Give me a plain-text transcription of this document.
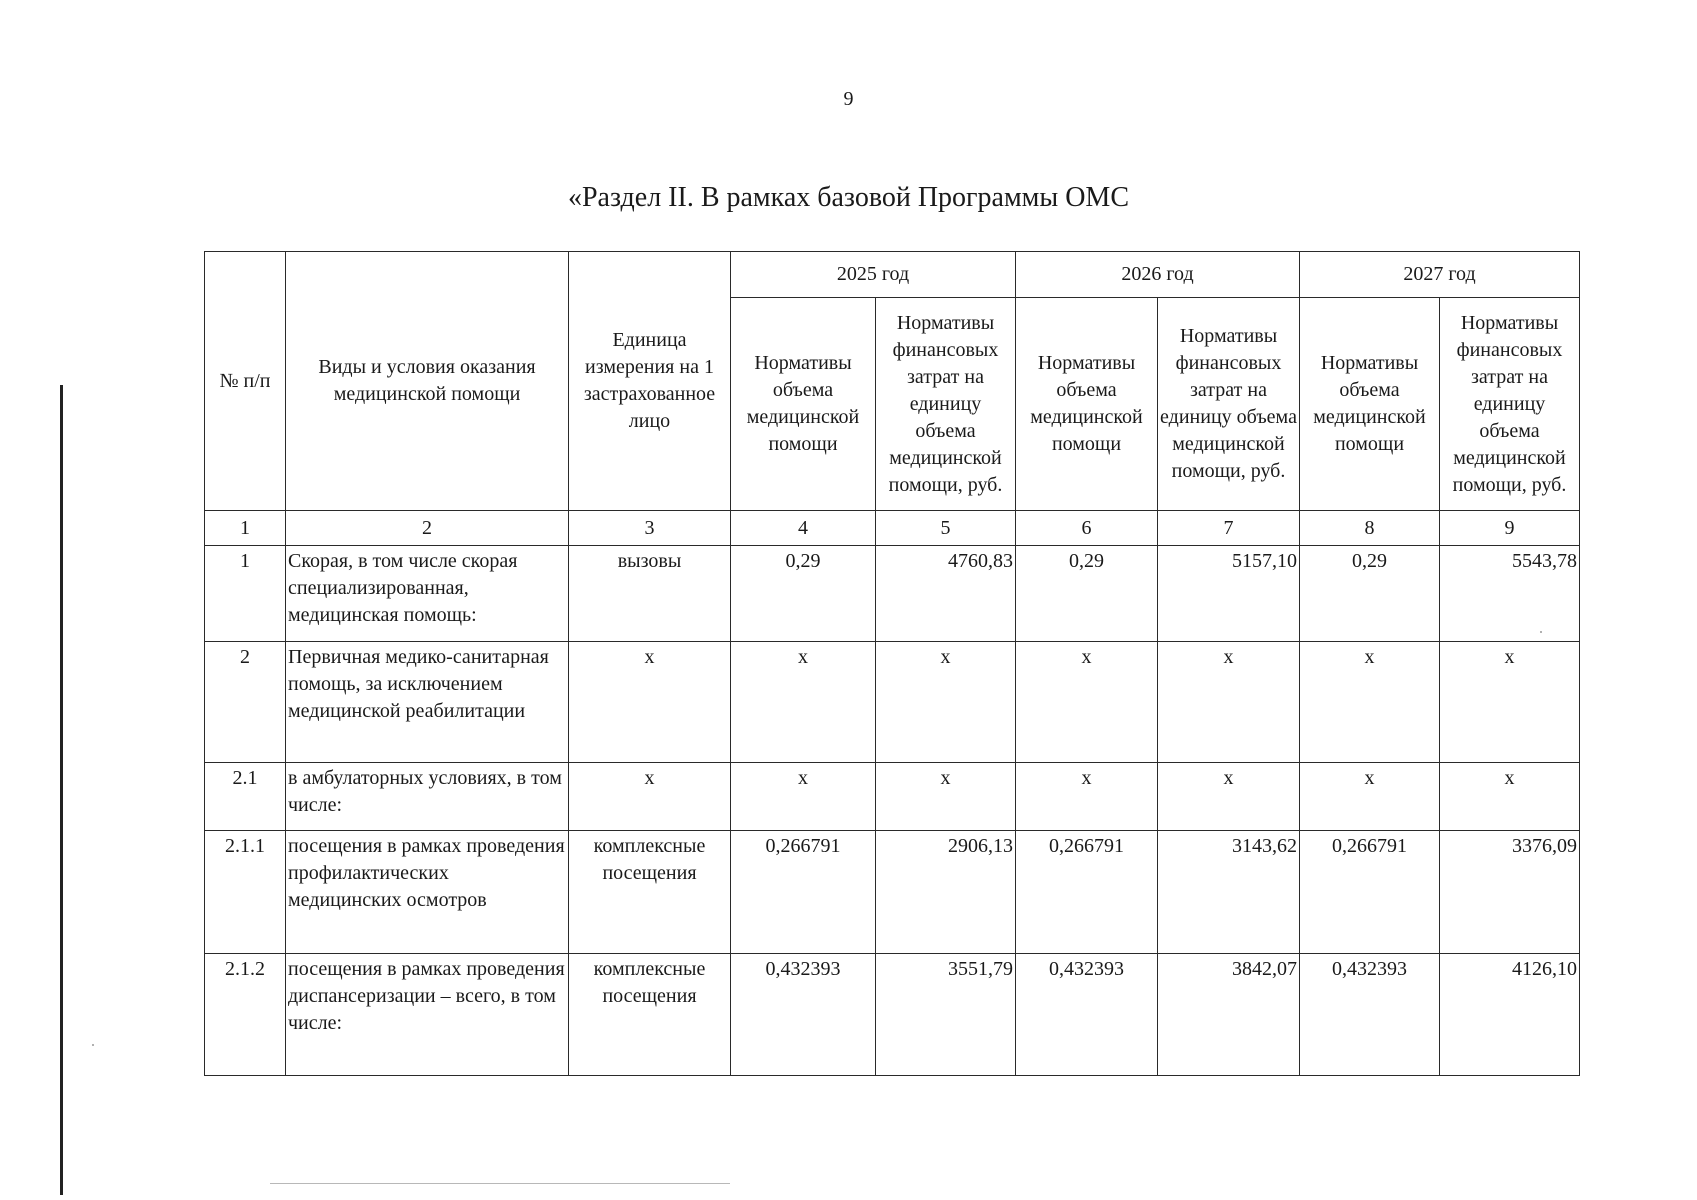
9
«Раздел II. В рамках базовой Программы ОМС
№ п/п	Виды и условия оказания медицинской помощи	Единица измерения на 1 застрахованное лицо	2025 год		2026 год		2027 год	
			Нормативы объема медицинской помощи	Нормативы финансовых затрат на единицу объема медицинской помощи, руб.	Нормативы объема медицинской помощи	Нормативы финансовых затрат на единицу объема медицинской помощи, руб.	Нормативы объема медицинской помощи	Нормативы финансовых затрат на единицу объема медицинской помощи, руб.
1	2	3	4	5	6	7	8	9
1	Скорая, в том числе скорая специализированная, медицинская помощь:	вызовы	0,29	4760,83	0,29	5157,10	0,29	5543,78
2	Первичная медико-санитарная помощь, за исключением медицинской реабилитации	х	х	х	х	х	х	х
2.1	в амбулаторных условиях, в том числе:	х	х	х	х	х	х	х
2.1.1	посещения в рамках проведения профилактических медицинских осмотров	комплексные посещения	0,266791	2906,13	0,266791	3143,62	0,266791	3376,09
2.1.2	посещения в рамках проведения диспансеризации – всего, в том числе:	комплексные посещения	0,432393	3551,79	0,432393	3842,07	0,432393	4126,10
